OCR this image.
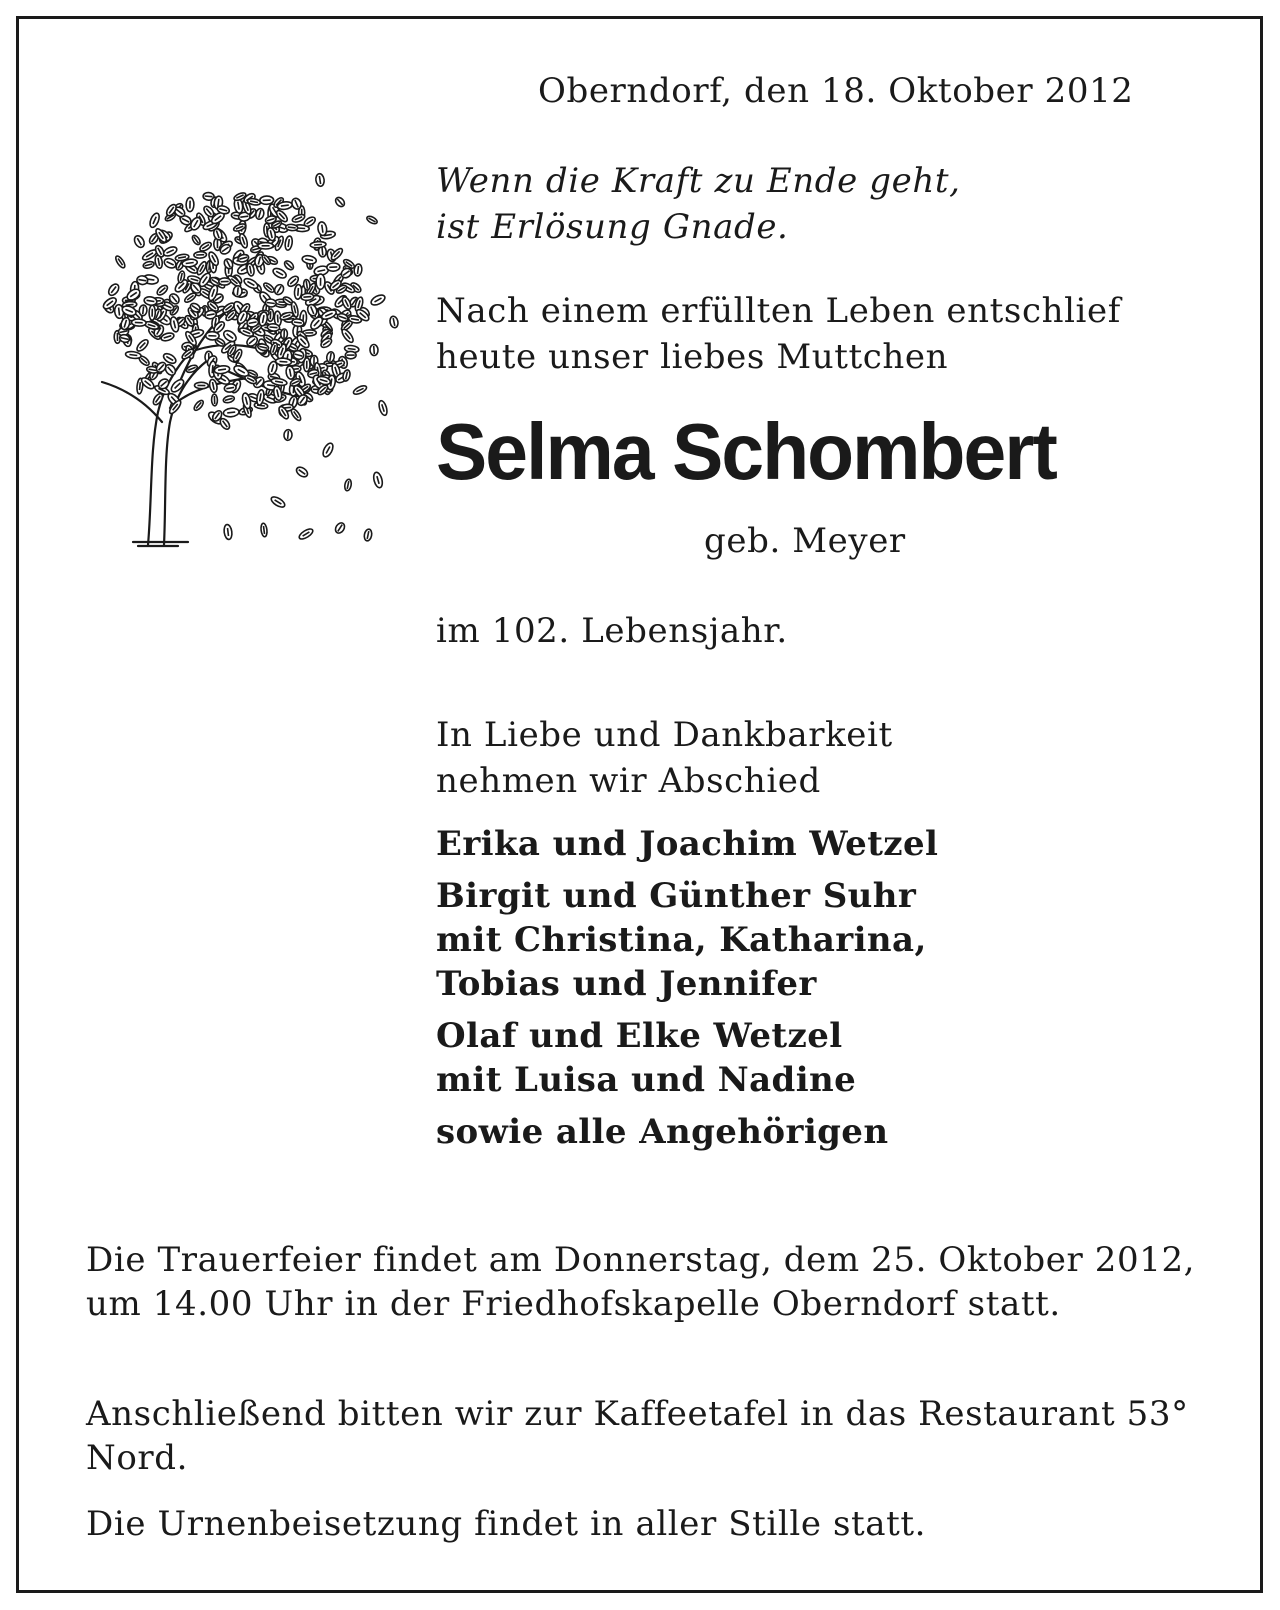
Oberndorf, den 18. Oktober 2012

Wenn die Kraft zu Ende geht,
ist Erlösung Gnade.
Nach einem erfüllten Leben entschlief
heute unser liebes Muttchen
Selma Schombert

geb. Meyer

im 102. Lebensjahr.

In Liebe und Dankbarkeit
nehmen wir Abschied
Erika und Joachim Wetzel
Birgit und Günther Suhr
mit Christina, Katharina,
Tobias und Jennifer
Olaf und Elke Wetzel
mit Luisa und Nadine
sowie alle Angehörigen

Die Trauerfeier findet am Donnerstag, dem 25. Oktober 2012, um 14.00 Uhr in der Friedhofskapelle Oberndorf statt.

Anschließend bitten wir zur Kaffeetafel in das Restaurant 53° Nord.

Die Urnenbeisetzung findet in aller Stille statt.
